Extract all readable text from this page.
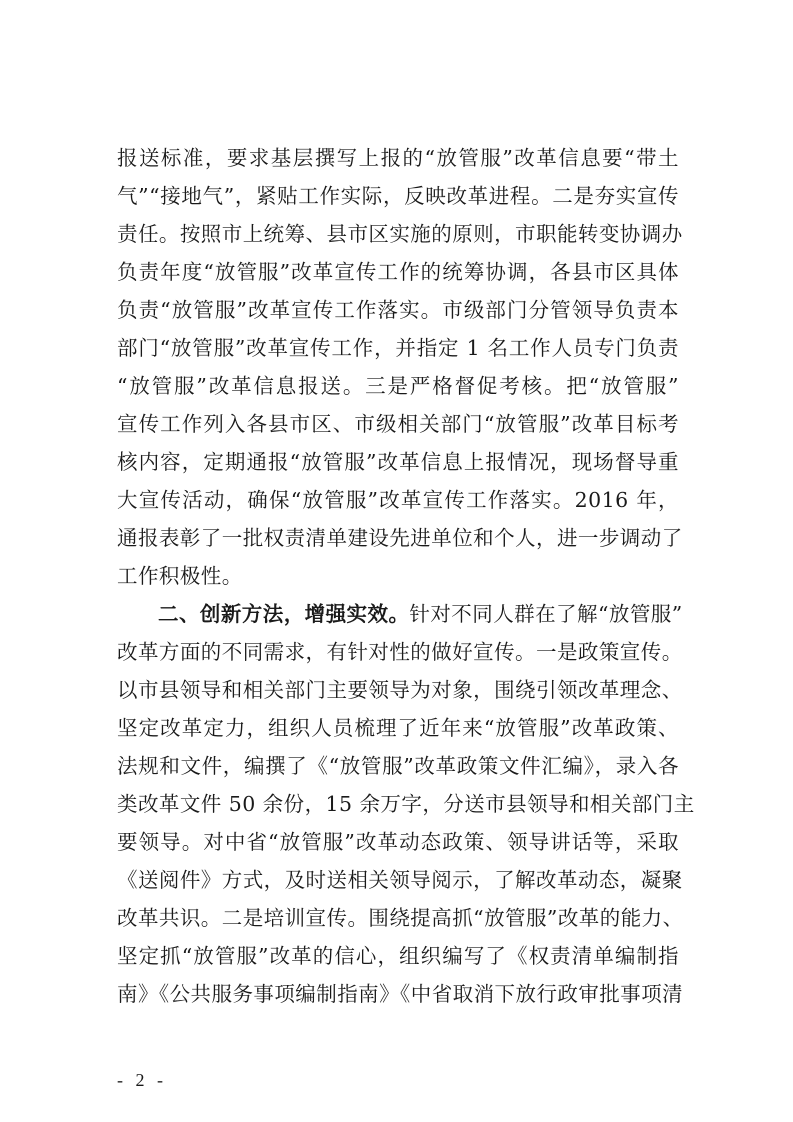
报送标准，要求基层撰写上报的“放管服”改革信息要“带土
气”“接地气”，紧贴工作实际，反映改革进程。二是夯实宣传
责任。按照市上统筹、县市区实施的原则，市职能转变协调办
负责年度“放管服”改革宣传工作的统筹协调，各县市区具体
负责“放管服”改革宣传工作落实。市级部门分管领导负责本
部门“放管服”改革宣传工作，并指定 1 名工作人员专门负责
“放管服”改革信息报送。三是严格督促考核。把“放管服”
宣传工作列入各县市区、市级相关部门“放管服”改革目标考
核内容，定期通报“放管服”改革信息上报情况，现场督导重
大宣传活动，确保“放管服”改革宣传工作落实。2016 年，
通报表彰了一批权责清单建设先进单位和个人，进一步调动了
工作积极性。
二、创新方法，增强实效。针对不同人群在了解“放管服”
改革方面的不同需求，有针对性的做好宣传。一是政策宣传。
以市县领导和相关部门主要领导为对象，围绕引领改革理念、
坚定改革定力，组织人员梳理了近年来“放管服”改革政策、
法规和文件，编撰了《“放管服”改革政策文件汇编》，录入各
类改革文件 50 余份，15 余万字，分送市县领导和相关部门主
要领导。对中省“放管服”改革动态政策、领导讲话等，采取
《送阅件》方式，及时送相关领导阅示，了解改革动态，凝聚
改革共识。二是培训宣传。围绕提高抓“放管服”改革的能力、
坚定抓“放管服”改革的信心，组织编写了《权责清单编制指
南》《公共服务事项编制指南》《中省取消下放行政审批事项清
- 2 -
